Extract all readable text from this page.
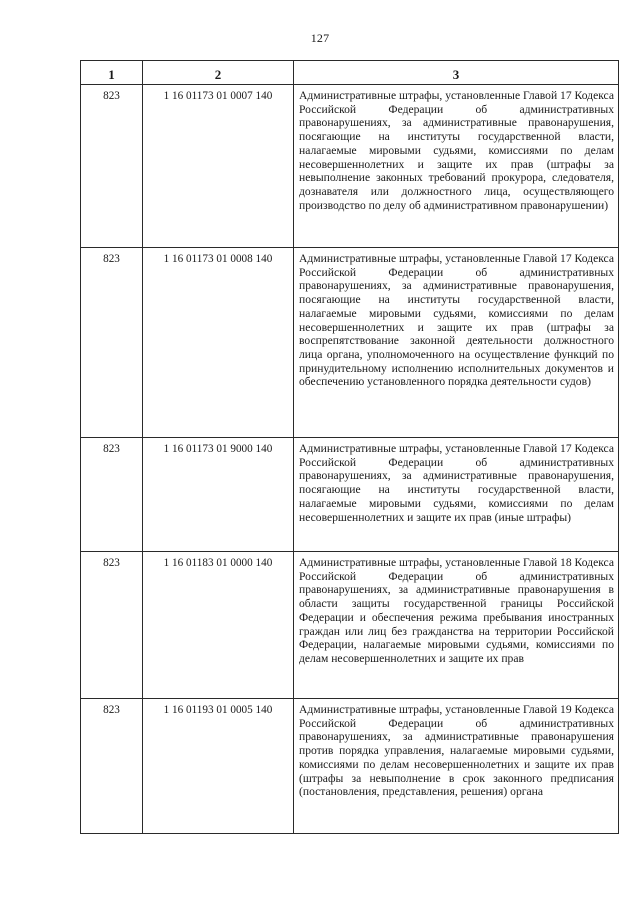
127
1	2	3
823	1 16 01173 01 0007 140	Административные штрафы, установленные Главой 17 Кодекса Российской Федерации об административных правонарушениях, за административные правонарушения, посягающие на институты государственной власти, налагаемые мировыми судьями, комиссиями по делам несовершеннолетних и защите их прав (штрафы за невыполнение законных требований прокурора, следователя, дознавателя или должностного лица, осуществляющего производство по делу об административном правонарушении)

823	1 16 01173 01 0008 140	Административные штрафы, установленные Главой 17 Кодекса Российской Федерации об административных правонарушениях, за административные правонарушения, посягающие на институты государственной власти, налагаемые мировыми судьями, комиссиями по делам несовершеннолетних и защите их прав (штрафы за воспрепятствование законной деятельности должностного лица органа, уполномоченного на осуществление функций по принудительному исполнению исполнительных документов и обеспечению установленного порядка деятельности судов)

823	1 16 01173 01 9000 140	Административные штрафы, установленные Главой 17 Кодекса Российской Федерации об административных правонарушениях, за административные правонарушения, посягающие на институты государственной власти, налагаемые мировыми судьями, комиссиями по делам несовершеннолетних и защите их прав (иные штрафы)

823	1 16 01183 01 0000 140	Административные штрафы, установленные Главой 18 Кодекса Российской Федерации об административных правонарушениях, за административные правонарушения в области защиты государственной границы Российской Федерации и обеспечения режима пребывания иностранных граждан или лиц без гражданства на территории Российской Федерации, налагаемые мировыми судьями, комиссиями по делам несовершеннолетних и защите их прав

823	1 16 01193 01 0005 140	Административные штрафы, установленные Главой 19 Кодекса Российской Федерации об административных правонарушениях, за административные правонарушения против порядка управления, налагаемые мировыми судьями, комиссиями по делам несовершеннолетних и защите их прав (штрафы за невыполнение в срок законного предписания (постановления, представления, решения) органа
